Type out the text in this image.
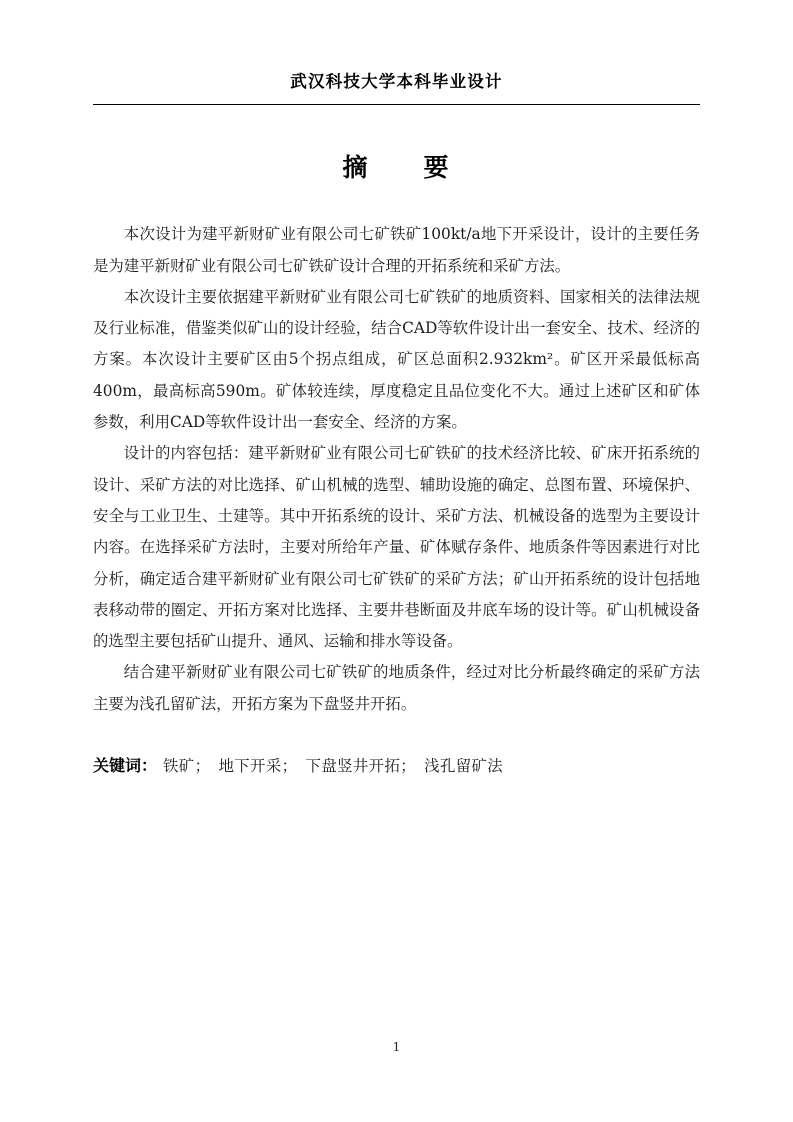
武汉科技大学本科毕业设计
摘　　要

本次设计为建平新财矿业有限公司七矿铁矿100kt/a地下开采设计，设计的主要任务是为建平新财矿业有限公司七矿铁矿设计合理的开拓系统和采矿方法。

本次设计主要依据建平新财矿业有限公司七矿铁矿的地质资料、国家相关的法律法规及行业标准，借鉴类似矿山的设计经验，结合CAD等软件设计出一套安全、技术、经济的方案。本次设计主要矿区由5个拐点组成，矿区总面积2.932km²。矿区开采最低标高400m，最高标高590m。矿体较连续，厚度稳定且品位变化不大。通过上述矿区和矿体参数，利用CAD等软件设计出一套安全、经济的方案。

设计的内容包括：建平新财矿业有限公司七矿铁矿的技术经济比较、矿床开拓系统的设计、采矿方法的对比选择、矿山机械的选型、辅助设施的确定、总图布置、环境保护、安全与工业卫生、土建等。其中开拓系统的设计、采矿方法、机械设备的选型为主要设计内容。在选择采矿方法时，主要对所给年产量、矿体赋存条件、地质条件等因素进行对比分析，确定适合建平新财矿业有限公司七矿铁矿的采矿方法；矿山开拓系统的设计包括地表移动带的圈定、开拓方案对比选择、主要井巷断面及井底车场的设计等。矿山机械设备的选型主要包括矿山提升、通风、运输和排水等设备。

结合建平新财矿业有限公司七矿铁矿的地质条件，经过对比分析最终确定的采矿方法主要为浅孔留矿法，开拓方案为下盘竖井开拓。

关键词： 铁矿；　地下开采；　下盘竖井开拓；　浅孔留矿法
1
